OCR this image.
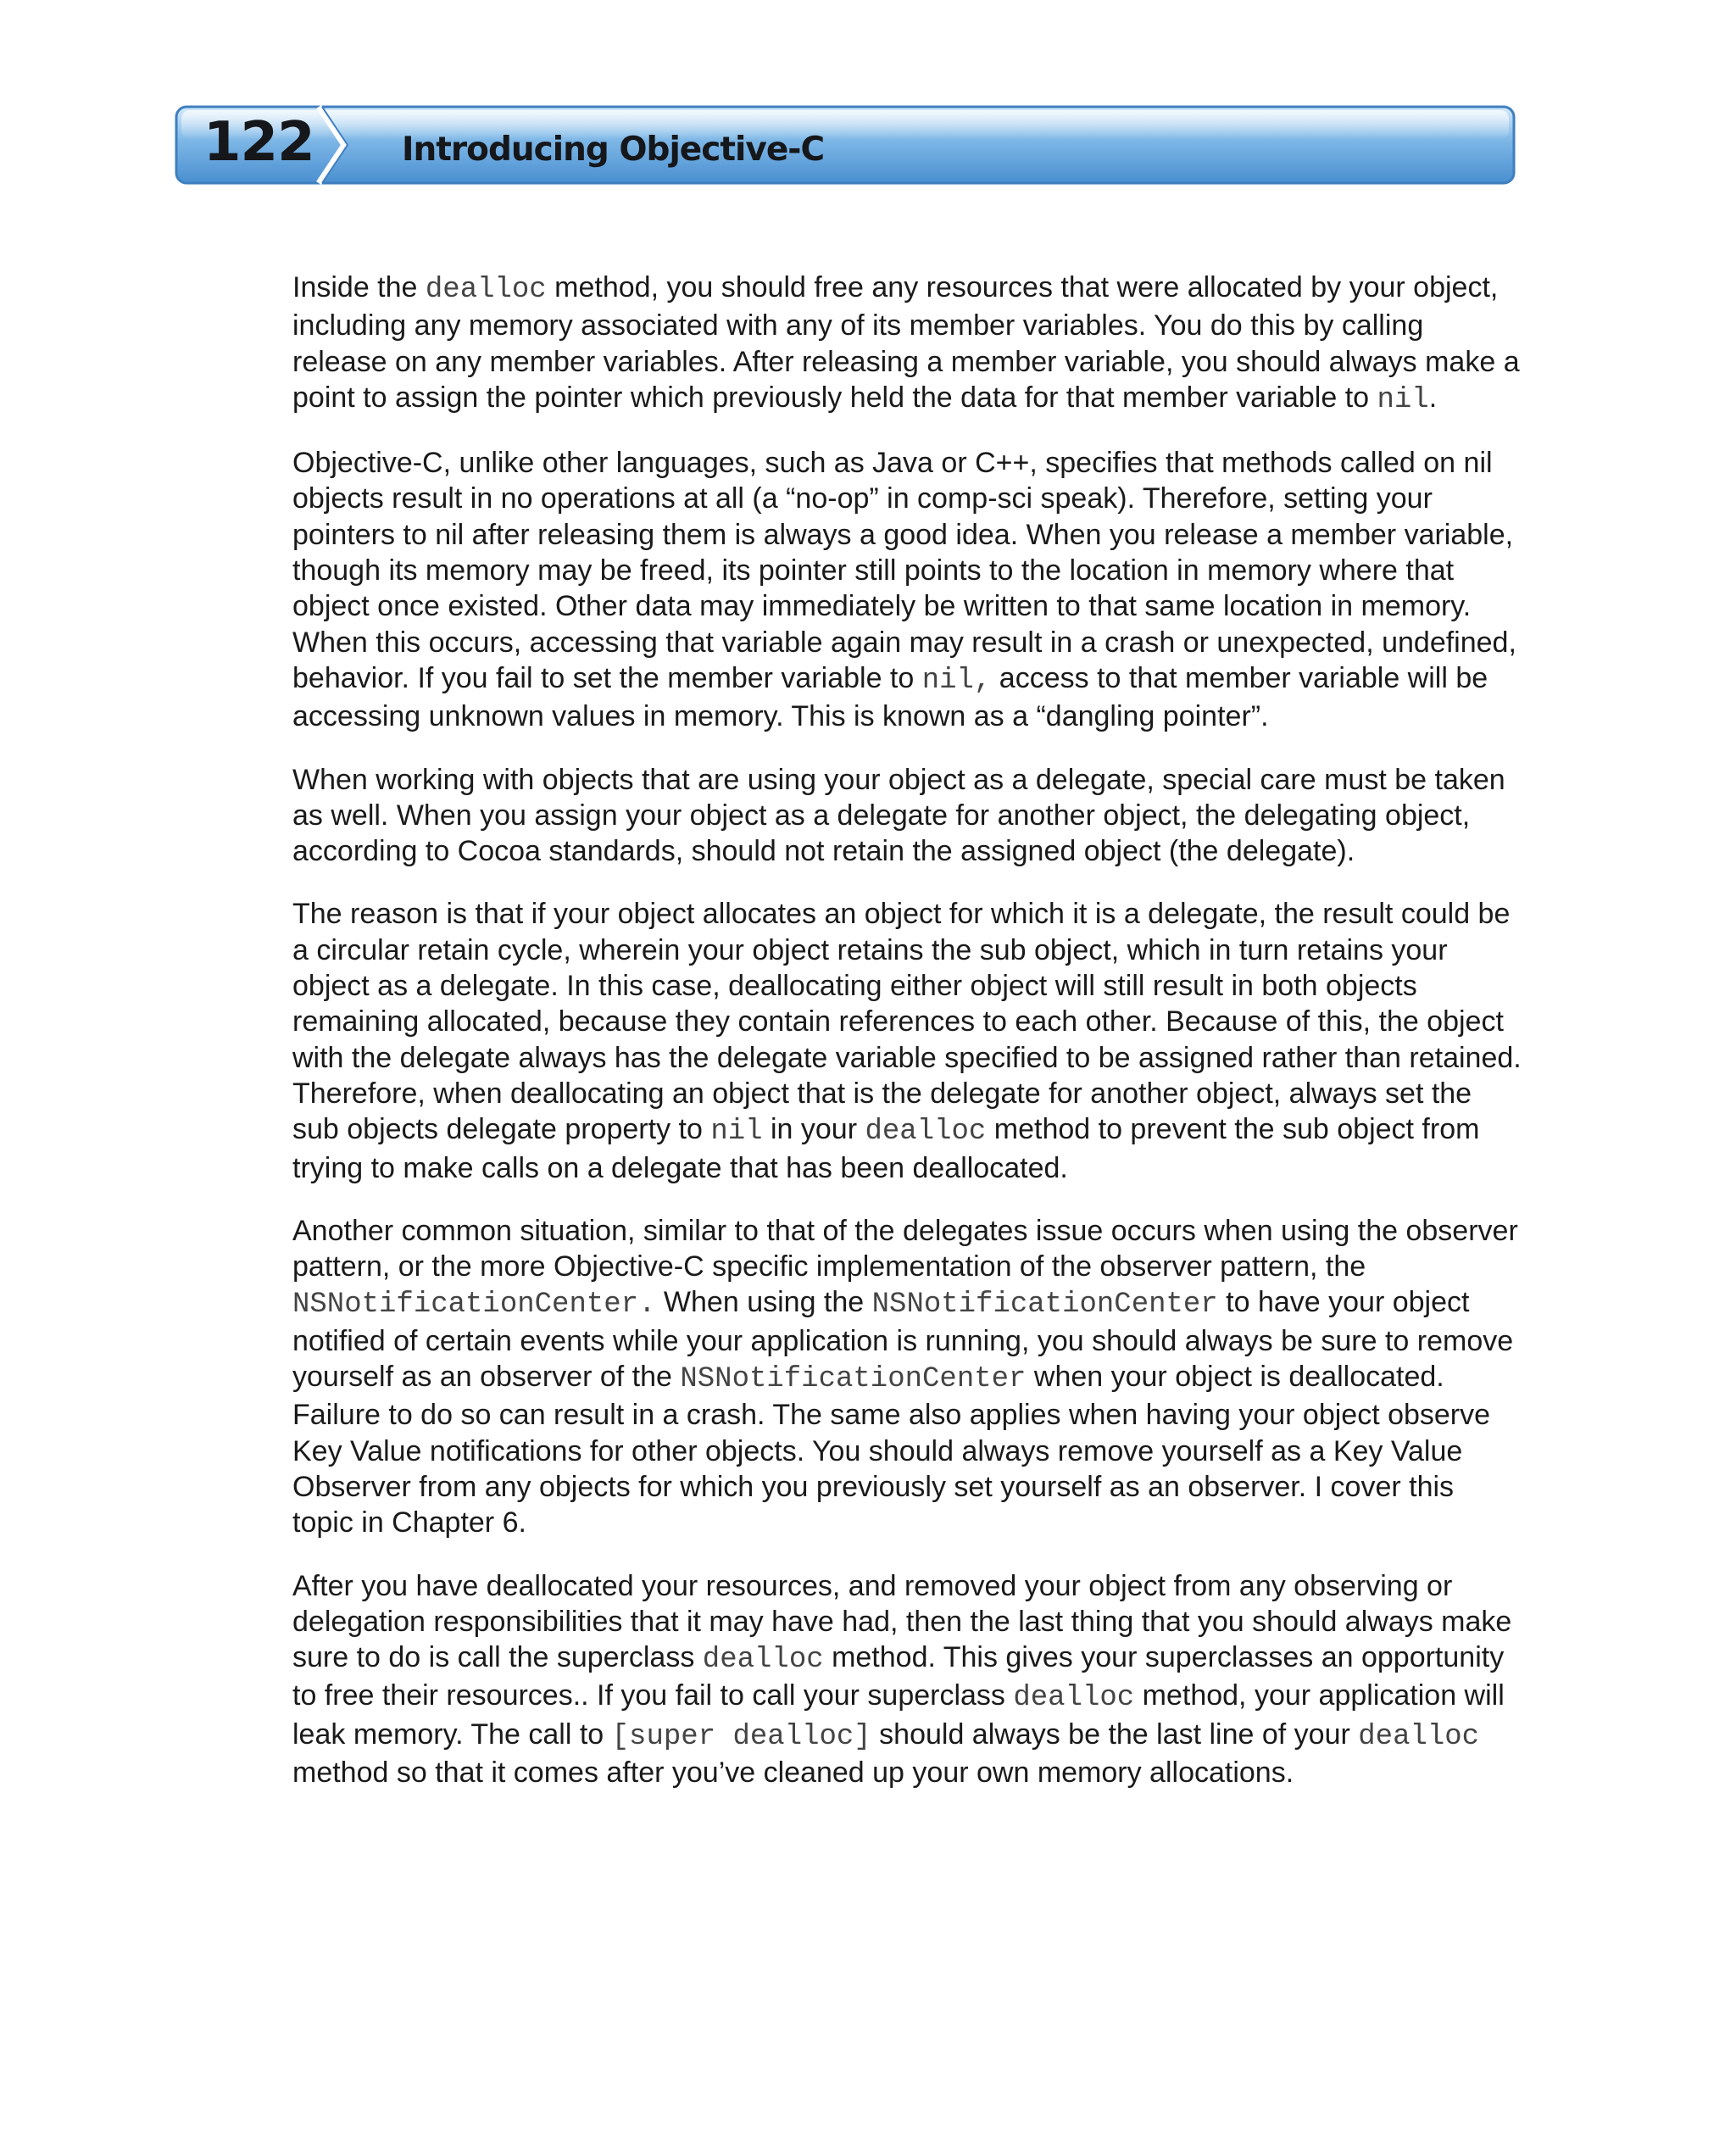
122	Introducing Objective-C

Inside the dealloc method, you should free any resources that were allocated by your object, including any memory associated with any of its member variables. You do this by calling release on any member variables. After releasing a member variable, you should always make a point to assign the pointer which previously held the data for that member variable to nil.

Objective-C, unlike other languages, such as Java or C++, specifies that methods called on nil objects result in no operations at all (a “no-op” in comp-sci speak). Therefore, setting your pointers to nil after releasing them is always a good idea. When you release a member variable, though its memory may be freed, its pointer still points to the location in memory where that object once existed. Other data may immediately be written to that same location in memory. When this occurs, accessing that variable again may result in a crash or unexpected, undefined, behavior. If you fail to set the member variable to nil, access to that member variable will be accessing unknown values in memory. This is known as a “dangling pointer”.

When working with objects that are using your object as a delegate, special care must be taken as well. When you assign your object as a delegate for another object, the delegating object, according to Cocoa standards, should not retain the assigned object (the delegate).

The reason is that if your object allocates an object for which it is a delegate, the result could be a circular retain cycle, wherein your object retains the sub object, which in turn retains your object as a delegate. In this case, deallocating either object will still result in both objects remaining allocated, because they contain references to each other. Because of this, the object with the delegate always has the delegate variable specified to be assigned rather than retained. Therefore, when deallocating an object that is the delegate for another object, always set the sub objects delegate property to nil in your dealloc method to prevent the sub object from trying to make calls on a delegate that has been deallocated.

Another common situation, similar to that of the delegates issue occurs when using the observer pattern, or the more Objective-C specific implementation of the observer pattern, the NSNotificationCenter. When using the NSNotificationCenter to have your object notified of certain events while your application is running, you should always be sure to remove yourself as an observer of the NSNotificationCenter when your object is deallocated. Failure to do so can result in a crash. The same also applies when having your object observe Key Value notifications for other objects. You should always remove yourself as a Key Value Observer from any objects for which you previously set yourself as an observer. I cover this topic in Chapter 6.

After you have deallocated your resources, and removed your object from any observing or delegation responsibilities that it may have had, then the last thing that you should always make sure to do is call the superclass dealloc method. This gives your superclasses an opportunity to free their resources.. If you fail to call your superclass dealloc method, your application will leak memory. The call to [super dealloc] should always be the last line of your dealloc method so that it comes after you’ve cleaned up your own memory allocations.
